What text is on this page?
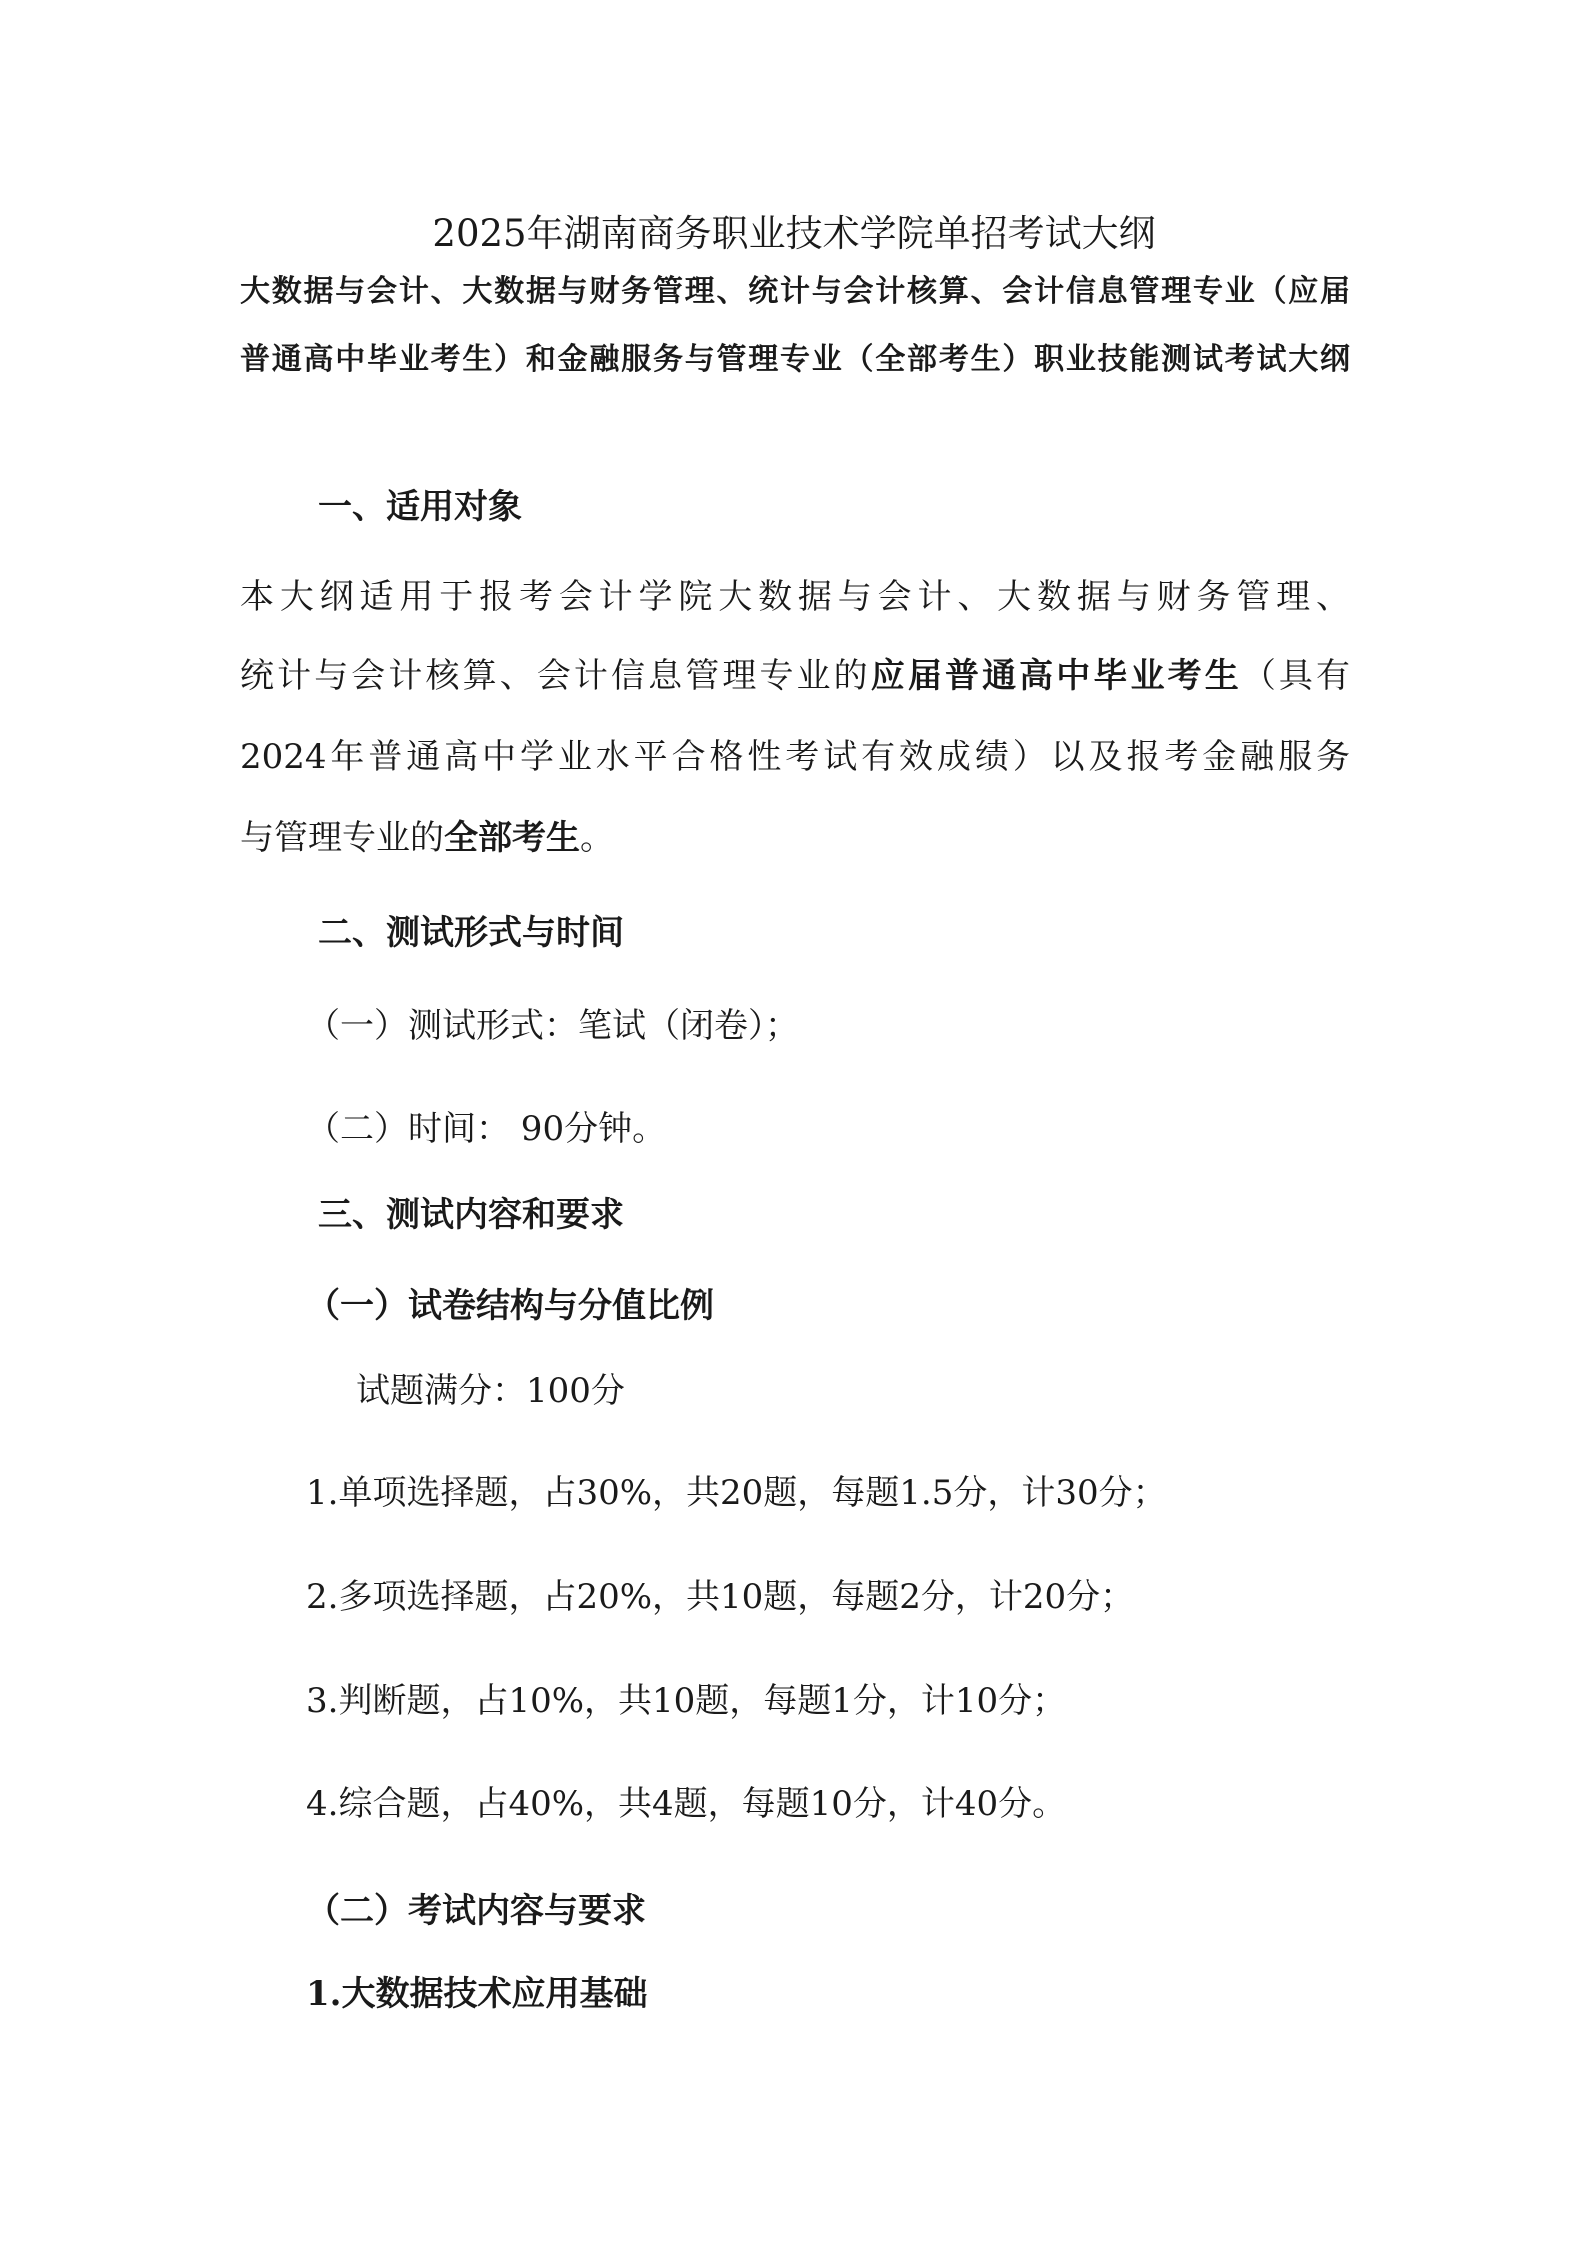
2025年湖南商务职业技术学院单招考试大纲
大数据与会计、大数据与财务管理、统计与会计核算、会计信息管理专业（应届
普通高中毕业考生）和金融服务与管理专业（全部考生）职业技能测试考试大纲
一、适用对象
本大纲适用于报考会计学院大数据与会计、大数据与财务管理、
统计与会计核算、会计信息管理专业的应届普通高中毕业考生（具有
2024年普通高中学业水平合格性考试有效成绩）以及报考金融服务
与管理专业的全部考生。
二、测试形式与时间
（一）测试形式：笔试（闭卷）；
（二）时间： 90分钟。
三、测试内容和要求
（一）试卷结构与分值比例
试题满分：100分
1.单项选择题，占30%，共20题，每题1.5分，计30分；
2.多项选择题，占20%，共10题，每题2分，计20分；
3.判断题，占10%，共10题，每题1分，计10分；
4.综合题，占40%，共4题，每题10分，计40分。
（二）考试内容与要求
1.大数据技术应用基础
